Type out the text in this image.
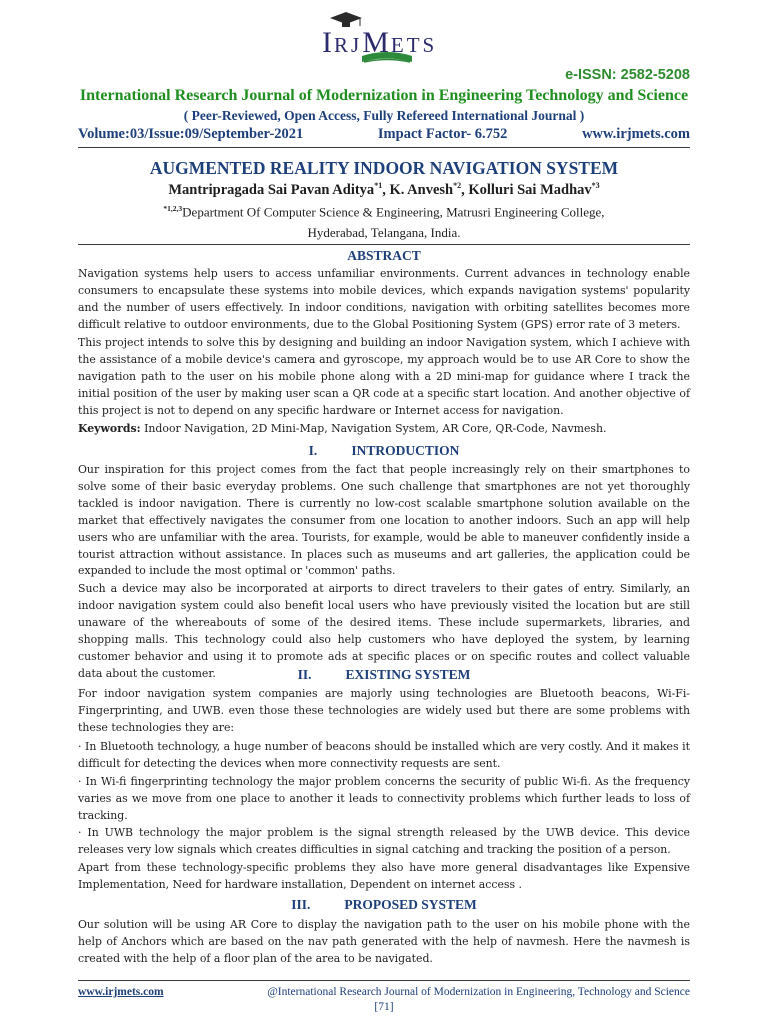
IRJMETS
e-ISSN: 2582-5208
International Research Journal of Modernization in Engineering Technology and Science
( Peer-Reviewed, Open Access, Fully Refereed International Journal )
Volume:03/Issue:09/September-2021	Impact Factor- 6.752	www.irjmets.com
AUGMENTED REALITY INDOOR NAVIGATION SYSTEM
Mantripragada Sai Pavan Aditya$^{*1}$, K. Anvesh$^{*2}$, Kolluri Sai Madhav$^{*3}$
$^{*1,2,3}$Department Of Computer Science & Engineering, Matrusri Engineering College,
Hyderabad, Telangana, India.
ABSTRACT
Navigation systems help users to access unfamiliar environments. Current advances in technology enable consumers to encapsulate these systems into mobile devices, which expands navigation systems' popularity and the number of users effectively. In indoor conditions, navigation with orbiting satellites becomes more difficult relative to outdoor environments, due to the Global Positioning System (GPS) error rate of 3 meters.
This project intends to solve this by designing and building an indoor Navigation system, which I achieve with the assistance of a mobile device's camera and gyroscope, my approach would be to use AR Core to show the navigation path to the user on his mobile phone along with a 2D mini-map for guidance where I track the initial position of the user by making user scan a QR code at a specific start location. And another objective of this project is not to depend on any specific hardware or Internet access for navigation.
Keywords: Indoor Navigation, 2D Mini-Map, Navigation System, AR Core, QR-Code, Navmesh.
I.	INTRODUCTION
Our inspiration for this project comes from the fact that people increasingly rely on their smartphones to solve some of their basic everyday problems. One such challenge that smartphones are not yet thoroughly tackled is indoor navigation. There is currently no low-cost scalable smartphone solution available on the market that effectively navigates the consumer from one location to another indoors. Such an app will help users who are unfamiliar with the area. Tourists, for example, would be able to maneuver confidently inside a tourist attraction without assistance. In places such as museums and art galleries, the application could be expanded to include the most optimal or 'common' paths.
Such a device may also be incorporated at airports to direct travelers to their gates of entry. Similarly, an indoor navigation system could also benefit local users who have previously visited the location but are still unaware of the whereabouts of some of the desired items. These include supermarkets, libraries, and shopping malls. This technology could also help customers who have deployed the system, by learning customer behavior and using it to promote ads at specific places or on specific routes and collect valuable data about the customer.	II.	EXISTING SYSTEM
For indoor navigation system companies are majorly using technologies are Bluetooth beacons, Wi-Fi-Fingerprinting, and UWB. even those these technologies are widely used but there are some problems with these technologies they are:
· In Bluetooth technology, a huge number of beacons should be installed which are very costly. And it makes it difficult for detecting the devices when more connectivity requests are sent.
· In Wi-fi fingerprinting technology the major problem concerns the security of public Wi-fi. As the frequency varies as we move from one place to another it leads to connectivity problems which further leads to loss of tracking.
· In UWB technology the major problem is the signal strength released by the UWB device. This device releases very low signals which creates difficulties in signal catching and tracking the position of a person.
Apart from these technology-specific problems they also have more general disadvantages like Expensive Implementation, Need for hardware installation, Dependent on internet access .
III.	PROPOSED SYSTEM
Our solution will be using AR Core to display the navigation path to the user on his mobile phone with the help of Anchors which are based on the nav path generated with the help of navmesh. Here the navmesh is created with the help of a floor plan of the area to be navigated.
www.irjmets.com	@International Research Journal of Modernization in Engineering, Technology and Science
[71]
